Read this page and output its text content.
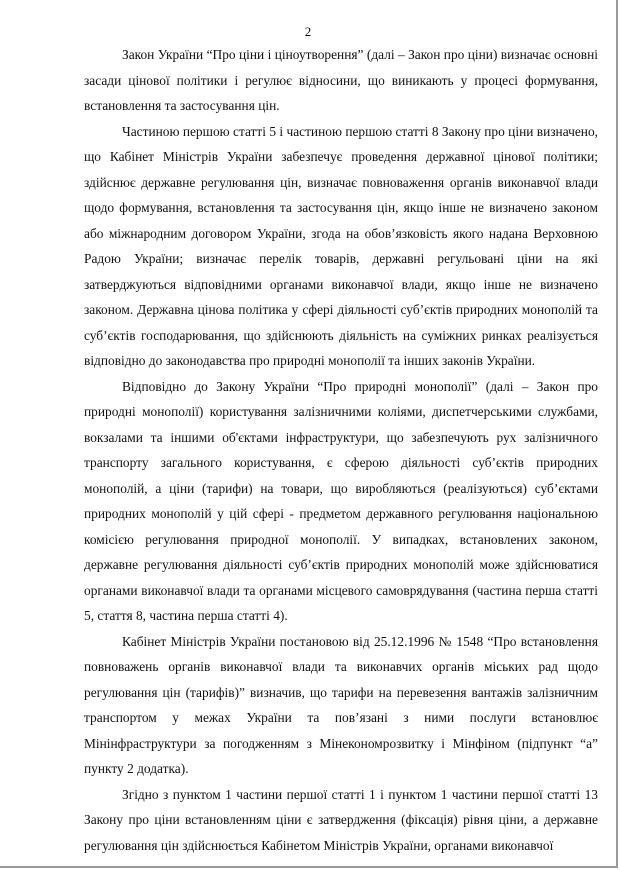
2

Закон України “Про ціни і ціноутворення” (далі – Закон про ціни) визначає основні засади цінової політики і регулює відносини, що виникають у процесі формування, встановлення та застосування цін.

Частиною першою статті 5 і частиною першою статті 8 Закону про ціни визначено, що Кабінет Міністрів України забезпечує проведення державної цінової політики; здійснює державне регулювання цін, визначає повноваження органів виконавчої влади щодо формування, встановлення та застосування цін, якщо інше не визначено законом або міжнародним договором України, згода на обов’язковість якого надана Верховною Радою України; визначає перелік товарів, державні регульовані ціни на які затверджуються відповідними органами виконавчої влади, якщо інше не визначено законом. Державна цінова політика у сфері діяльності суб’єктів природних монополій та суб’єктів господарювання, що здійснюють діяльність на суміжних ринках реалізується відповідно до законодавства про природні монополії та інших законів України.

Відповідно до Закону України “Про природні монополії” (далі – Закон про природні монополії) користування залізничними коліями, диспетчерськими службами, вокзалами та іншими об'єктами інфраструктури, що забезпечують рух залізничного транспорту загального користування, є сферою діяльності суб’єктів природних монополій, а ціни (тарифи) на товари, що виробляються (реалізуються) суб’єктами природних монополій у цій сфері - предметом державного регулювання національною комісією регулювання природної монополії. У випадках, встановлених законом, державне регулювання діяльності суб’єктів природних монополій може здійснюватися органами виконавчої влади та органами місцевого самоврядування (частина перша статті 5, стаття 8, частина перша статті 4).

Кабінет Міністрів України постановою від 25.12.1996 № 1548 “Про встановлення повноважень органів виконавчої влади та виконавчих органів міських рад щодо регулювання цін (тарифів)” визначив, що тарифи на перевезення вантажів залізничним транспортом у межах України та пов’язані з ними послуги встановлює Мінінфраструктури за погодженням з Мінекономрозвитку і Мінфіном (підпункт “а” пункту 2 додатка).

Згідно з пунктом 1 частини першої статті 1 і пунктом 1 частини першої статті 13 Закону про ціни встановленням ціни є затвердження (фіксація) рівня ціни, а державне регулювання цін здійснюється Кабінетом Міністрів України, органами виконавчої
